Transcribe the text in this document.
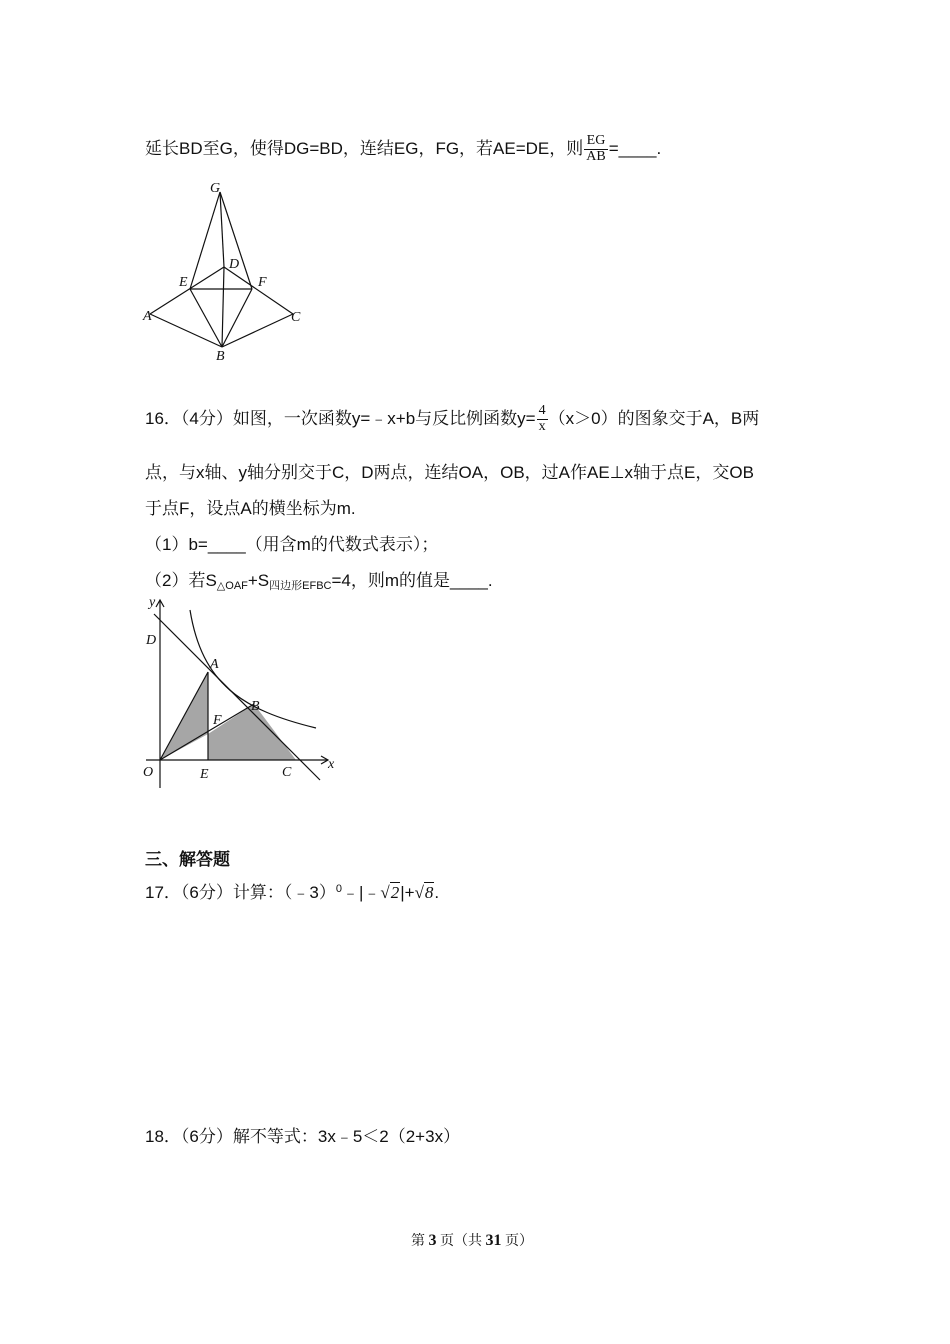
延长BD至G，使得DG=BD，连结EG，FG，若AE=DE，则 $\frac{EG}{AB}$ =____.
G
D
E	F
A	C
B
16．（4分）如图，一次函数y=﹣x+b与反比例函数$y= \frac{4}{x} (x>0)$的图象交于A，B两
点，与x轴、y轴分别交于C，D两点，连结OA，OB，过A作AE⊥x轴于点E，交OB
于点F，设点A的横坐标为m.
（1）b=____（用含m的代数式表示）；
（2）若S△OAF+S四边形EFBC=4，则m的值是____.
y
D
A
B
F
O	E	C
x
三、解答题
17．（6分）计算：（﹣3）$^0$﹣|﹣√2|+√8.
18．（6分）解不等式：3x﹣5＜2（2+3x）
第 3 页（共 31 页）
